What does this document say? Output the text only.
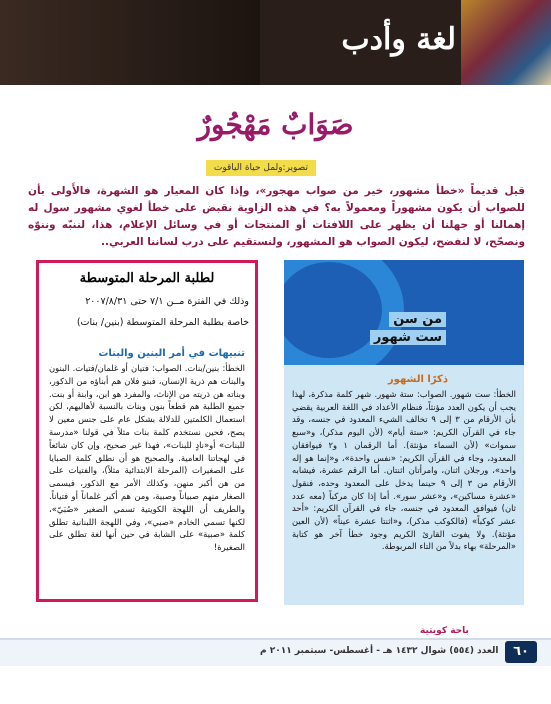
لغة وأدب
صَوَابٌ مَهْجُورٌ
تصوير:ولمل حياة الياقوت
قيل قديماً «خطأ مشهور، خير من صواب مهجور»، وإذا كان المعيار هو الشهرة، فالأَولى بأن للصواب أن يكون مشهوراً ومعمولاً به؟ في هذه الزاوية نقبض على خطأ لغوي مشهور سول له إهمالنا أو جهلنا أن يظهر على اللافتات أو المنتجات أو في وسائل الإعلام، هذا، لننبّه وننوّه ونصحّح، لا لنفضح، ليكون الصواب هو المشهور، ولنستقيم على درب لساننا العربي..
لطلبة المرحلة المتوسطة
وذلك في الفترة مــن ٧/١ حتى ٢٠٠٧/٨/٣١
خاصة بطلبة المرحلة المتوسطة (بنين/ بنات)
تنبيهات في أمر البنين والبنات
الخطأ: بنين/بنات. الصواب: فتيان أو غلمان/فتيات. البنون والبنات هم ذرية الإنسان، فبنو فلان هم أبناؤه من الذكور، وبناته هن ذريته من الإناث، والمفرد هو ابن، وابنة أو بنت. جميع الطلبة هم قطعاً بنون وبنات بالنسبة لأهاليهم، لكن استعمال الكلمتين للدلالة بشكل عام على جنس معين لا يصح، فحين نستخدم كلمة بنات مثلاً في قولنا «مدرسة للبنات» أو«نادٍ للبنات»، فهذا غير صحيح، وإن كان شائعاً في لهجاتنا العامية. والصحيح هو أن نطلق كلمة الصبايا على الصغيرات (المرحلة الابتدائية مثلاً)، والفتيات على من هن أكبر منهن، وكذلك الأمر مع الذكور، فيسمى الصغار منهم صبياناً وصبية، ومن هم أكبر غلماناً أو فتياناً. والطريف أن اللهجة الكويتية تسمي الصغير «صُبَيّ»، لكنها تسمي الخادم «صبي»، وفي اللهجة اللبنانية تطلق كلمة «صبية» على الشابة في حين أنها لغة تطلق على الصغيرة!
من سن
ست شهور
ذكرًا الشهور
الخطأ: ست شهور. الصواب: ستة شهور. شهر كلمة مذكرة، لهذا يجب أن يكون العدد مؤنثاً، فنظام الأعداد في اللغة العربية يقضي بأن الأرقام من ٣ إلى ٩ تخالف الشيء المعدود في جنسه، وقد جاء في القرآن الكريم: «ستة أيام» (لأن اليوم مذكر)، و«سبع سموات» (لأن السماء مؤنثة). أما الرقمان ١ و٢ فيوافقان المعدود، وجاء في القرآن الكريم: «نفس واحدة»، و«إنما هو إله واحد»، ورجلان اثنان، وامرأتان اثنتان. أما الرقم عشرة، فيشابه الأرقام من ٣ إلى ٩ حينما يدخل على المعدود وحده، فنقول «عشرة مساكين»، و«عشر سور». أما إذا كان مركباً (معه عدد ثان) فيوافق المعدود في جنسه، جاء في القرآن الكريم: «أحد عشر كوكباً» (فالكوكب مذكر)، و«اثنتا عشرة عيناً» (لأن العين مؤنثة). ولا يفوت القارئ الكريم وجود خطأ آخر هو كتابة «المرحلة» بهاء بدلاً من التاء المربوطة.
باحة كويتية
العدد (٥٥٤) شوال ١٤٣٢ هـ - أغسطس- سبتمبر ٢٠١١ م	٦٠
